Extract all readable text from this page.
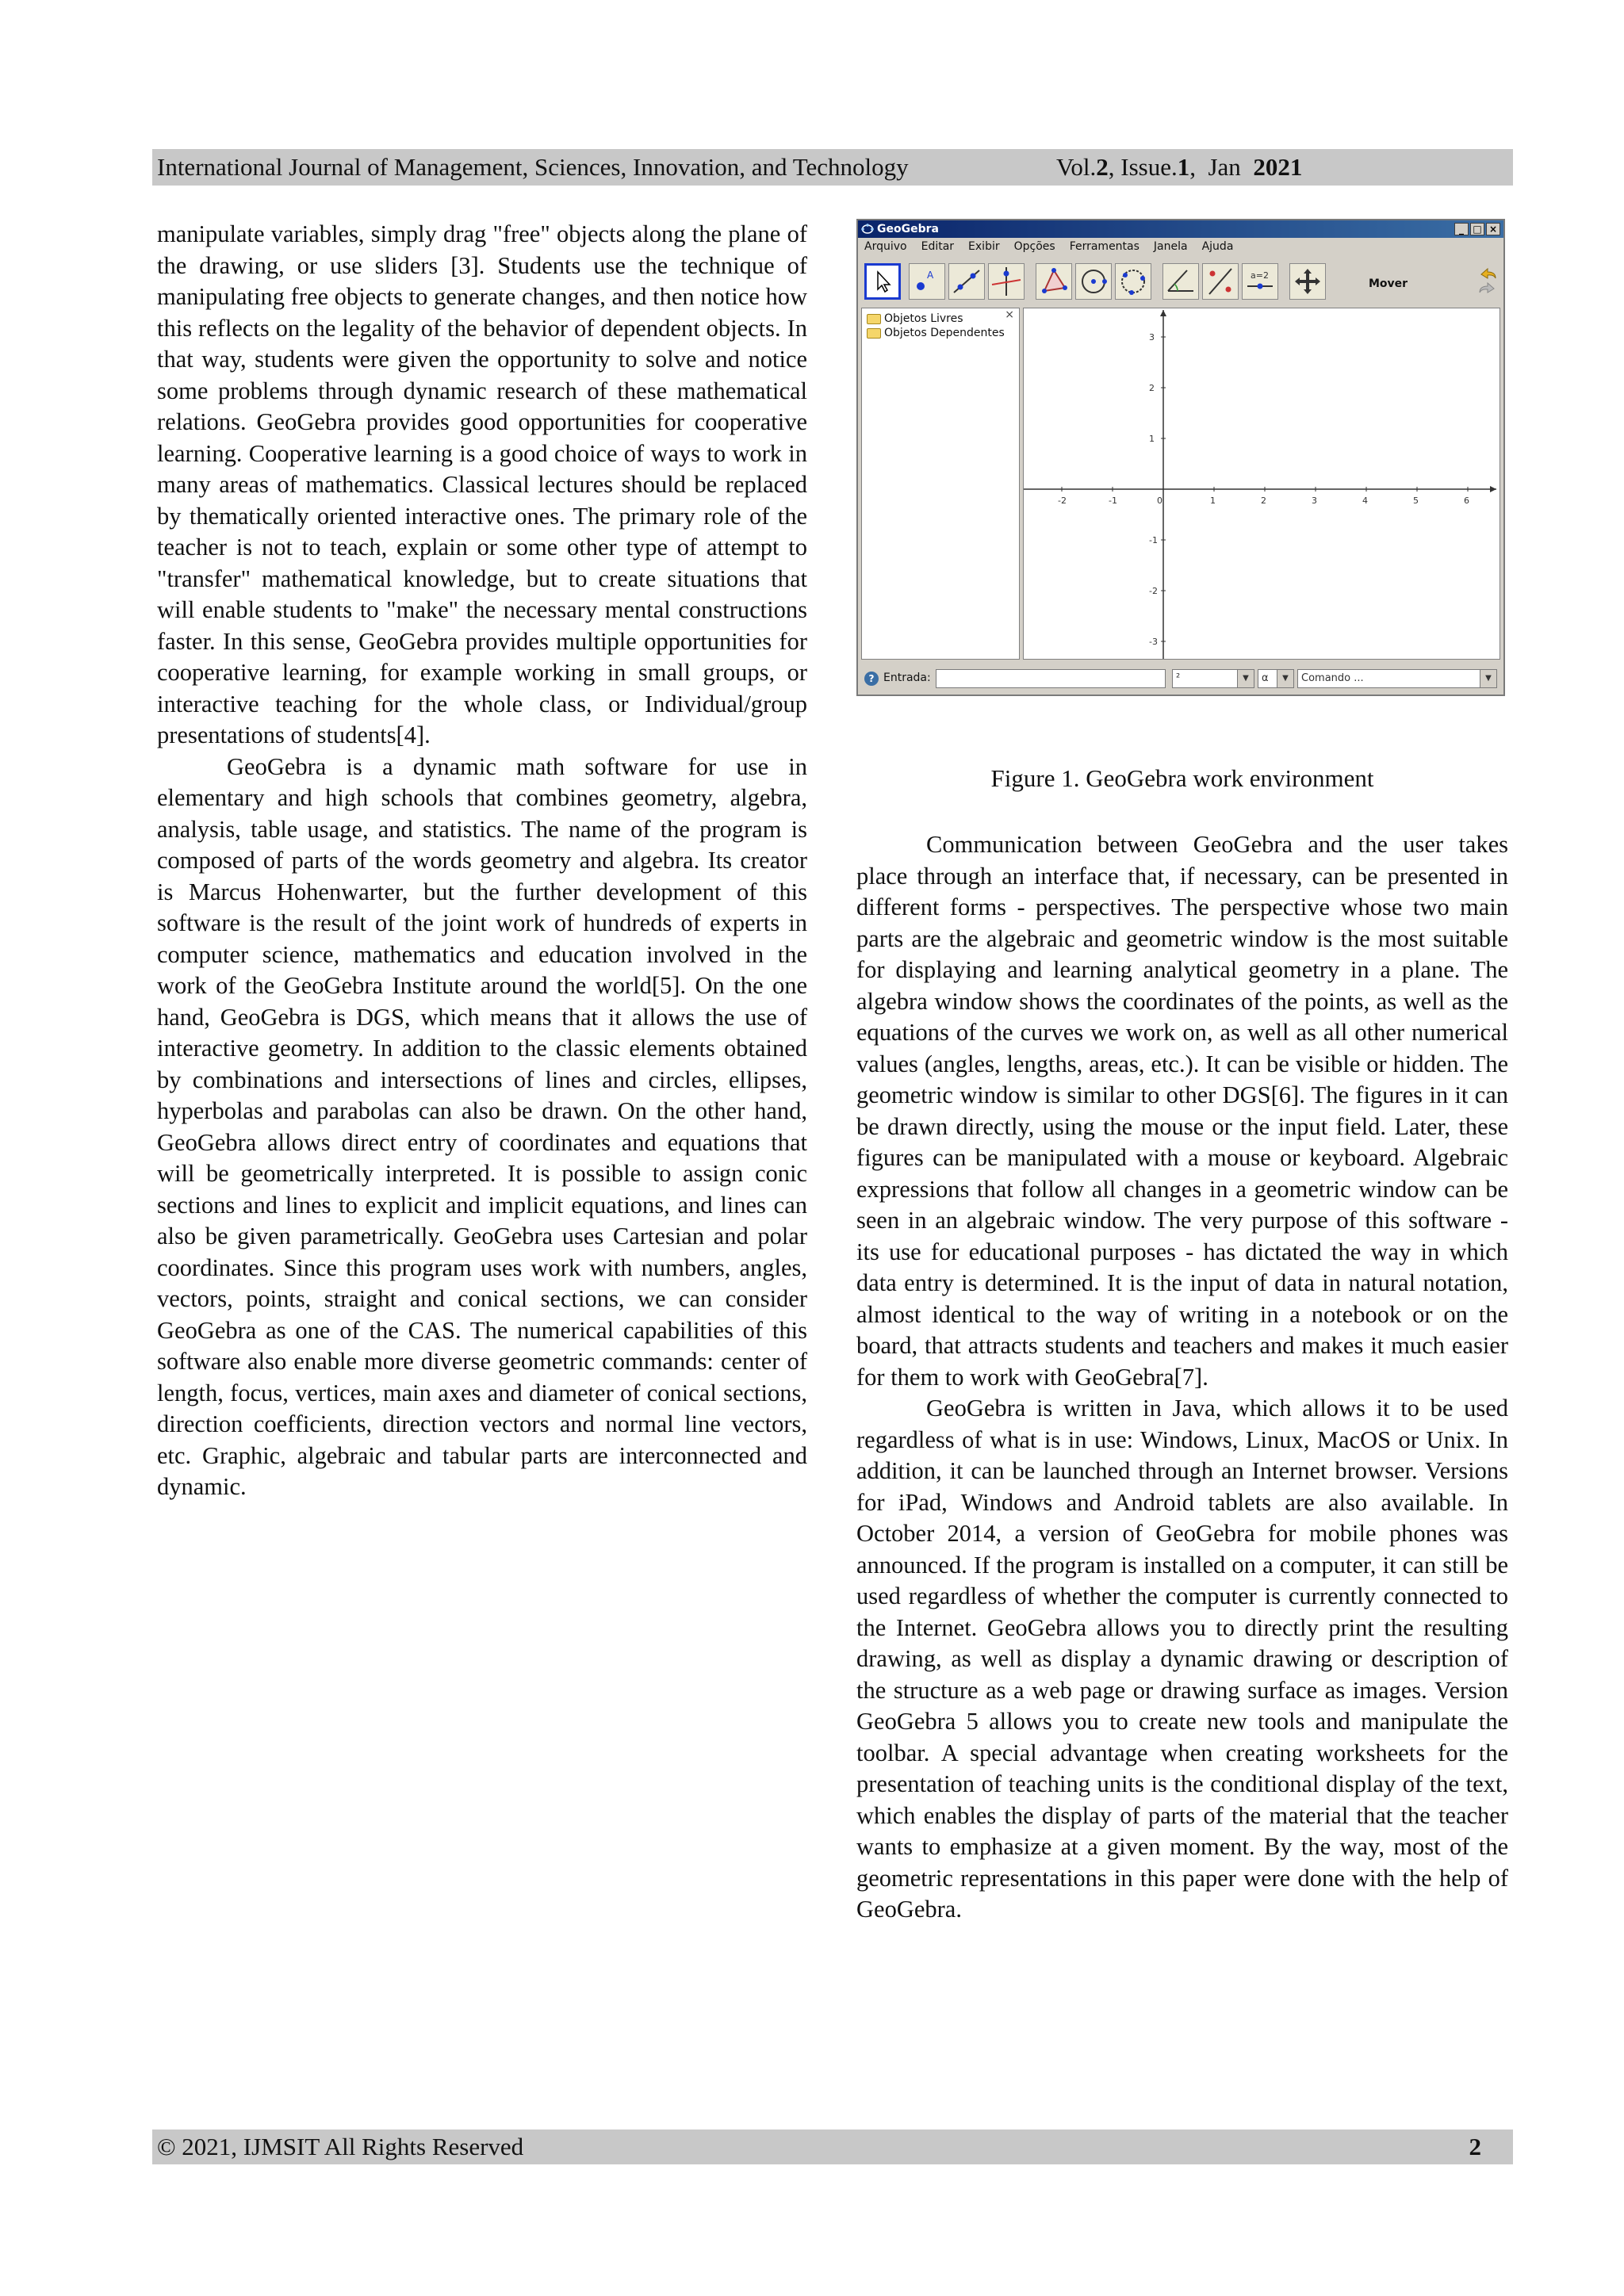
International Journal of Management, Sciences, Innovation, and Technology	Vol.2, Issue.1,  Jan  2021

manipulate variables, simply drag "free" objects along the plane of the drawing, or use sliders [3]. Students use the technique of manipulating free objects to generate changes, and then notice how this reflects on the legality of the behavior of dependent objects. In that way, students were given the opportunity to solve and notice some problems through dynamic research of these mathematical relations. GeoGebra provides good opportunities for cooperative learning. Cooperative learning is a good choice of ways to work in many areas of mathematics. Classical lectures should be replaced by thematically oriented interactive ones. The primary role of the teacher is not to teach, explain or some other type of attempt to "transfer" mathematical knowledge, but to create situations that will enable students to "make" the necessary mental constructions faster. In this sense, GeoGebra provides multiple opportunities for cooperative learning, for example working in small groups, or interactive teaching for the whole class, or Individual/group presentations of students[4].

GeoGebra is a dynamic math software for use in elementary and high schools that combines geometry, algebra, analysis, table usage, and statistics. The name of the program is composed of parts of the words geometry and algebra. Its creator is Marcus Hohenwarter, but the further development of this software is the result of the joint work of hundreds of experts in computer science, mathematics and education involved in the work of the GeoGebra Institute around the world[5]. On the one hand, GeoGebra is DGS, which means that it allows the use of interactive geometry. In addition to the classic elements obtained by combinations and intersections of lines and circles, ellipses, hyperbolas and parabolas can also be drawn. On the other hand, GeoGebra allows direct entry of coordinates and equations that will be geometrically interpreted. It is possible to assign conic sections and lines to explicit and implicit equations, and lines can also be given parametrically. GeoGebra uses Cartesian and polar coordinates. Since this program uses work with numbers, angles, vectors, points, straight and conical sections, we can consider GeoGebra as one of the CAS. The numerical capabilities of this software also enable more diverse geometric commands: center of length, focus, vertices, main axes and diameter of conical sections, direction coefficients, direction vectors and normal line vectors, etc. Graphic, algebraic and tabular parts are interconnected and dynamic.

GeoGebra	_ □ ×
Arquivo Editar Exibir Opções Ferramentas Janela Ajuda
A	a=2
Mover
×
Objetos Livres
Objetos Dependentes
-2	-1	0	1	2	3	4	5	6
3
2
1
-1
-2
-3
? Entrada:	²	▼	α	▼	Comando ...	▼
Figure 1. GeoGebra work environment

Communication between GeoGebra and the user takes place through an interface that, if necessary, can be presented in different forms - perspectives. The perspective whose two main parts are the algebraic and geometric window is the most suitable for displaying and learning analytical geometry in a plane. The algebra window shows the coordinates of the points, as well as the equations of the curves we work on, as well as all other numerical values (angles, lengths, areas, etc.). It can be visible or hidden. The geometric window is similar to other DGS[6]. The figures in it can be drawn directly, using the mouse or the input field. Later, these figures can be manipulated with a mouse or keyboard. Algebraic expressions that follow all changes in a geometric window can be seen in an algebraic window. The very purpose of this software - its use for educational purposes - has dictated the way in which data entry is determined. It is the input of data in natural notation, almost identical to the way of writing in a notebook or on the board, that attracts students and teachers and makes it much easier for them to work with GeoGebra[7].

GeoGebra is written in Java, which allows it to be used regardless of what is in use: Windows, Linux, MacOS or Unix. In addition, it can be launched through an Internet browser. Versions for iPad, Windows and Android tablets are also available. In October 2014, a version of GeoGebra for mobile phones was announced. If the program is installed on a computer, it can still be used regardless of whether the computer is currently connected to the Internet. GeoGebra allows you to directly print the resulting drawing, as well as display a dynamic drawing or description of the structure as a web page or drawing surface as images. Version GeoGebra 5 allows you to create new tools and manipulate the toolbar. A special advantage when creating worksheets for the presentation of teaching units is the conditional display of the text, which enables the display of parts of the material that the teacher wants to emphasize at a given moment. By the way, most of the geometric representations in this paper were done with the help of GeoGebra.

© 2021, IJMSIT All Rights Reserved	2
